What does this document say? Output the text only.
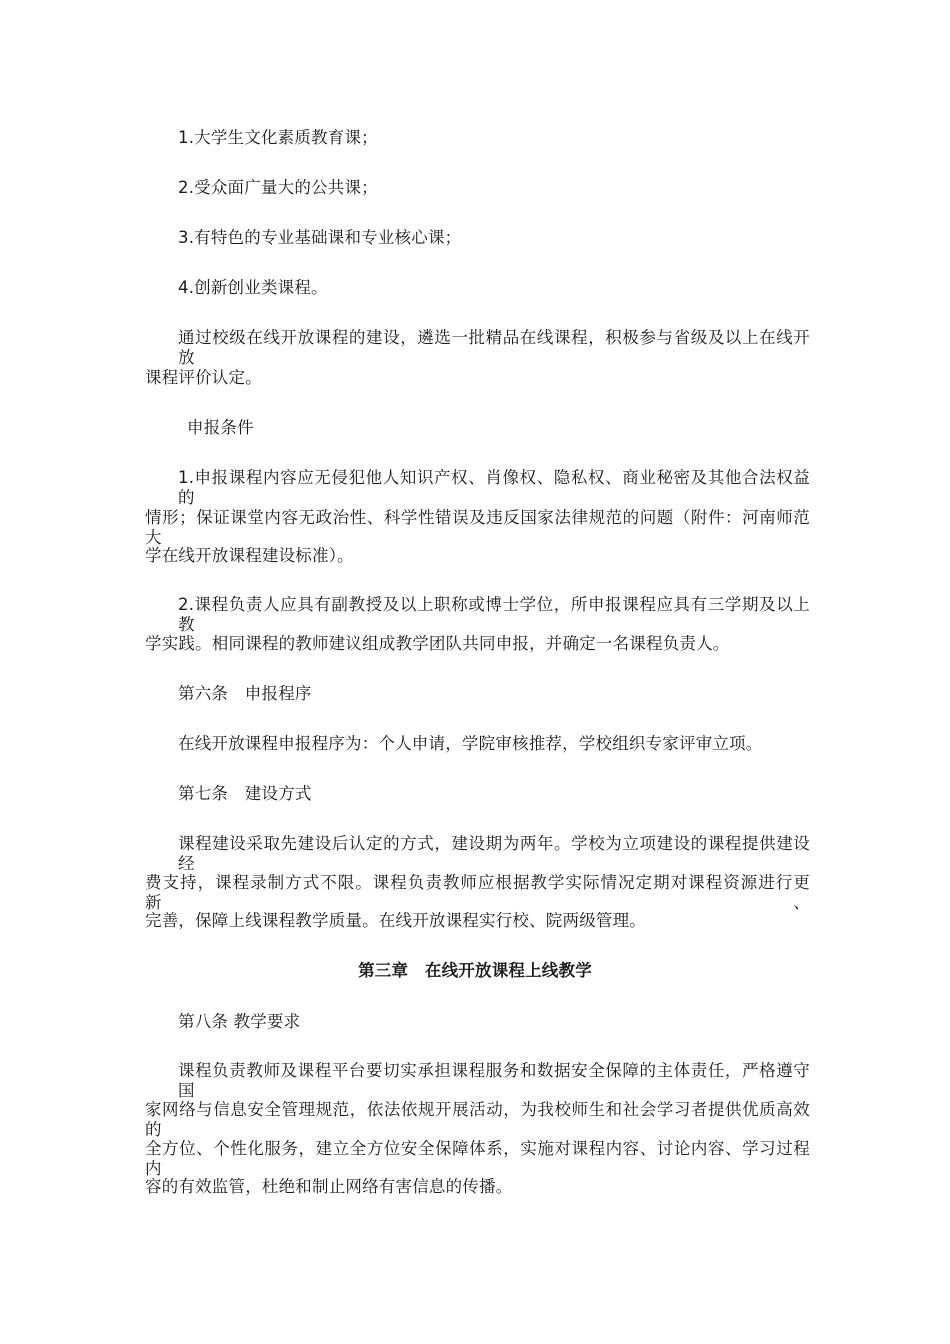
1.大学生文化素质教育课；
2.受众面广量大的公共课；
3.有特色的专业基础课和专业核心课；
4.创新创业类课程。
通过校级在线开放课程的建设，遴选一批精品在线课程，积极参与省级及以上在线开放
课程评价认定。
申报条件
1.申报课程内容应无侵犯他人知识产权、肖像权、隐私权、商业秘密及其他合法权益的
情形；保证课堂内容无政治性、科学性错误及违反国家法律规范的问题（附件：河南师范大
学在线开放课程建设标准）。
2.课程负责人应具有副教授及以上职称或博士学位，所申报课程应具有三学期及以上教
学实践。相同课程的教师建议组成教学团队共同申报，并确定一名课程负责人。
第六条　申报程序
在线开放课程申报程序为：个人申请，学院审核推荐，学校组织专家评审立项。
第七条　建设方式
课程建设采取先建设后认定的方式，建设期为两年。学校为立项建设的课程提供建设经
费支持，课程录制方式不限。课程负责教师应根据教学实际情况定期对课程资源进行更新、
完善，保障上线课程教学质量。在线开放课程实行校、院两级管理。
第三章　在线开放课程上线教学
第八条 教学要求
课程负责教师及课程平台要切实承担课程服务和数据安全保障的主体责任，严格遵守国
家网络与信息安全管理规范，依法依规开展活动，为我校师生和社会学习者提供优质高效的
全方位、个性化服务，建立全方位安全保障体系，实施对课程内容、讨论内容、学习过程内
容的有效监管，杜绝和制止网络有害信息的传播。
